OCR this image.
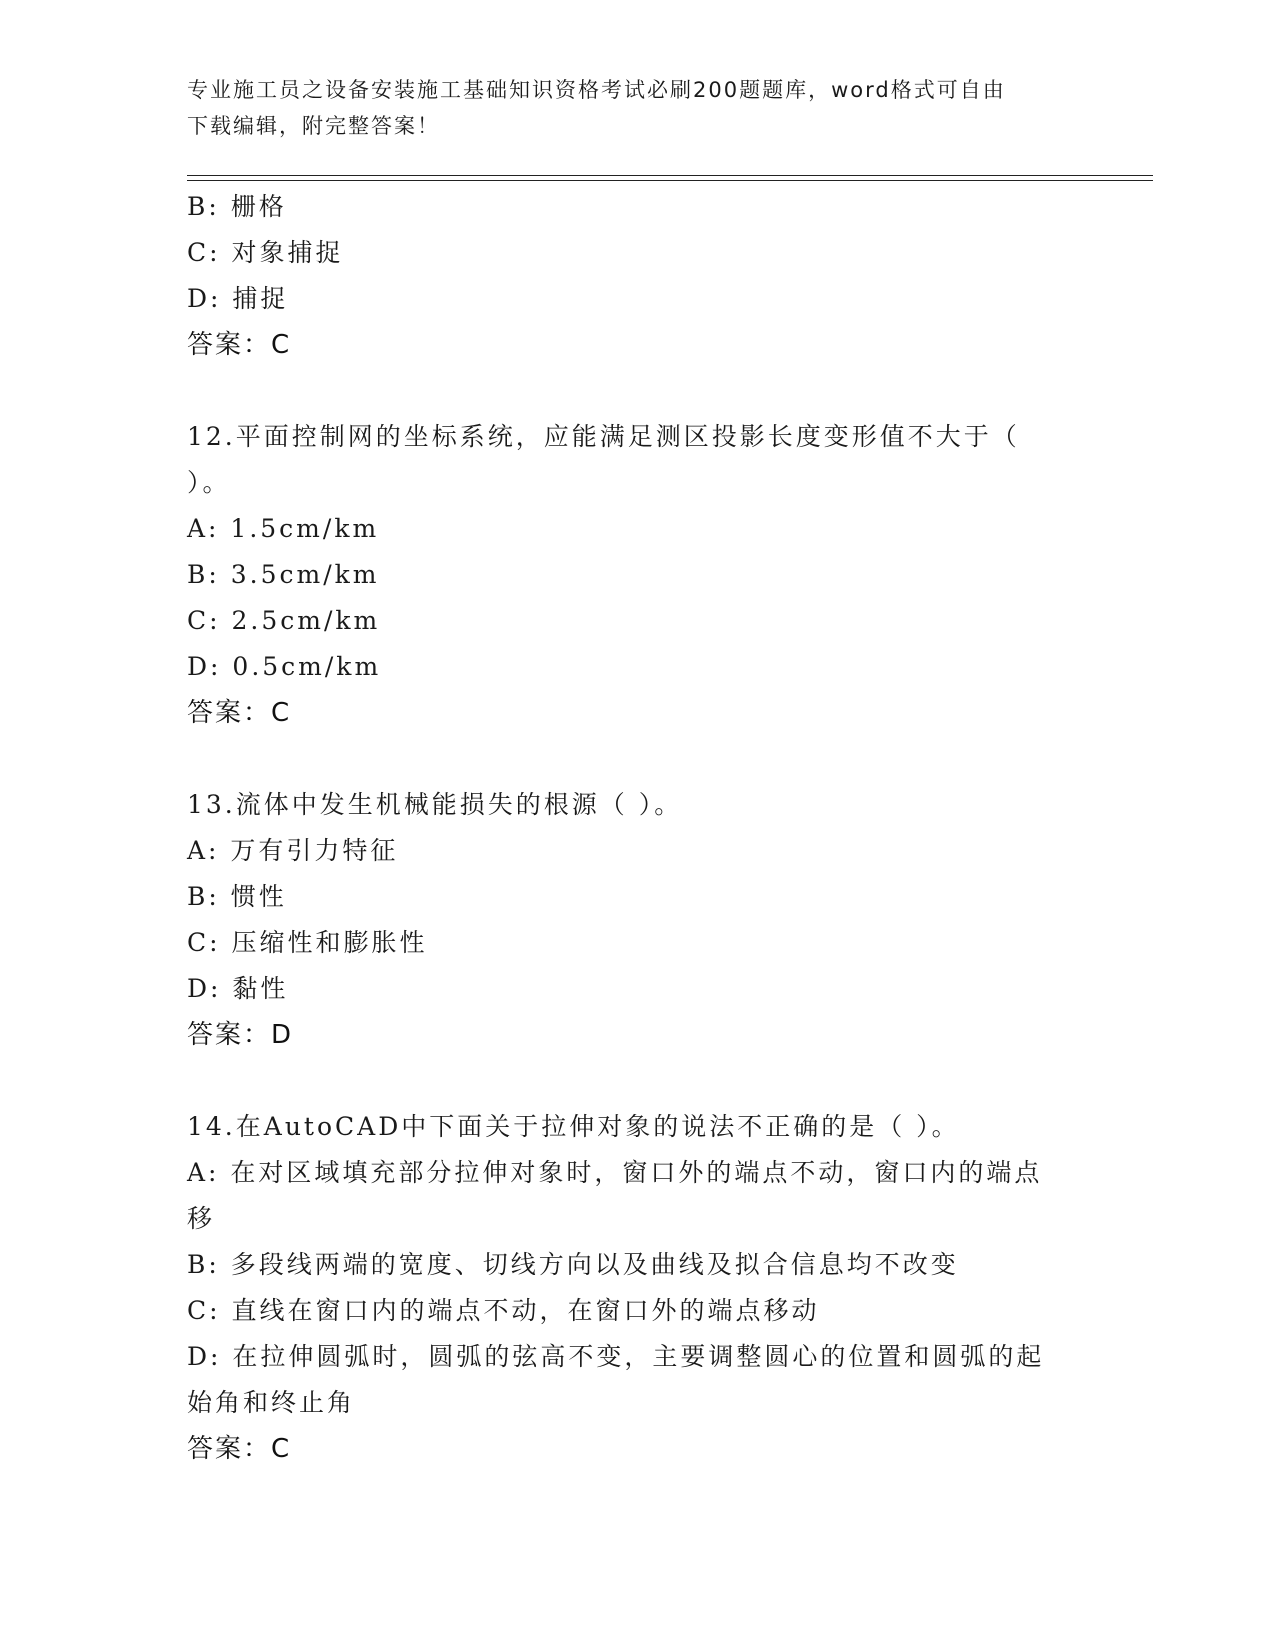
专业施工员之设备安装施工基础知识资格考试必刷200题题库，word格式可自由
下载编辑，附完整答案！
B: 栅格
C: 对象捕捉
D: 捕捉
答案：C
12.平面控制网的坐标系统，应能满足测区投影长度变形值不大于（
）。
A: 1.5cm/km
B: 3.5cm/km
C: 2.5cm/km
D: 0.5cm/km
答案：C
13.流体中发生机械能损失的根源（ ）。
A: 万有引力特征
B: 惯性
C: 压缩性和膨胀性
D: 黏性
答案：D
14.在AutoCAD中下面关于拉伸对象的说法不正确的是（ ）。
A: 在对区域填充部分拉伸对象时，窗口外的端点不动，窗口内的端点
移
B: 多段线两端的宽度、切线方向以及曲线及拟合信息均不改变
C: 直线在窗口内的端点不动，在窗口外的端点移动
D: 在拉伸圆弧时，圆弧的弦高不变，主要调整圆心的位置和圆弧的起
始角和终止角
答案：C
